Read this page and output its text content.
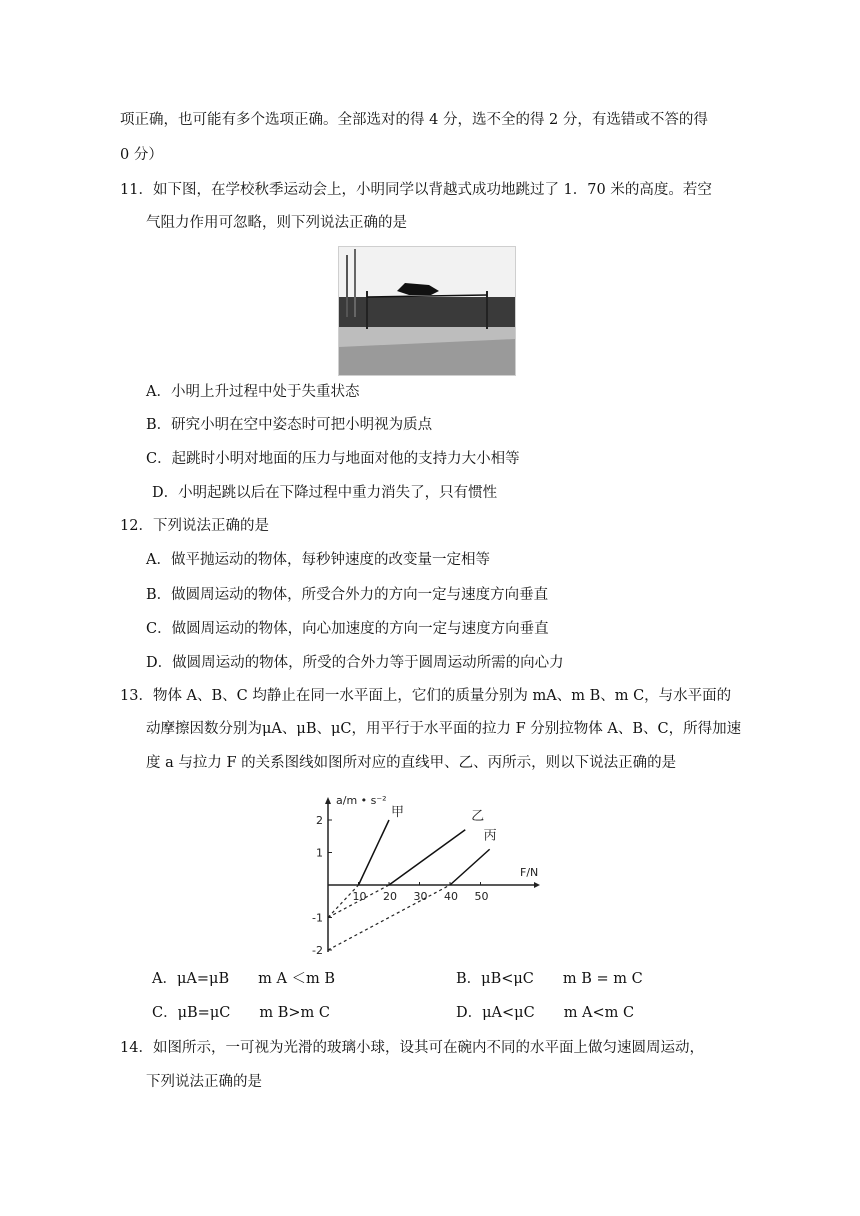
项正确，也可能有多个选项正确。全部选对的得 4 分，选不全的得 2 分，有选错或不答的得
0 分）
11．如下图，在学校秋季运动会上，小明同学以背越式成功地跳过了 1．70 米的高度。若空
气阻力作用可忽略，则下列说法正确的是
A．小明上升过程中处于失重状态
B．研究小明在空中姿态时可把小明视为质点
C．起跳时小明对地面的压力与地面对他的支持力大小相等
D．小明起跳以后在下降过程中重力消失了，只有惯性
12．下列说法正确的是
A．做平抛运动的物体，每秒钟速度的改变量一定相等
B．做圆周运动的物体，所受合外力的方向一定与速度方向垂直
C．做圆周运动的物体，向心加速度的方向一定与速度方向垂直
D．做圆周运动的物体，所受的合外力等于圆周运动所需的向心力
13．物体 A、B、C 均静止在同一水平面上，它们的质量分别为 mA、m B、m C，与水平面的
动摩擦因数分别为μA、μB、μC，用平行于水平面的拉力 F 分别拉物体 A、B、C，所得加速
度 a 与拉力 F 的关系图线如图所对应的直线甲、乙、丙所示，则以下说法正确的是
a/m • s⁻²
F/N
10 20 30 40 50
2
1
-1
-2
甲	乙
丙
A．μA=μB　　m A ＜m B	B．μB<μC　　m B = m C
C．μB=μC　　m B>m C	D．μA<μC　　m A<m C
14．如图所示，一可视为光滑的玻璃小球，设其可在碗内不同的水平面上做匀速圆周运动，
下列说法正确的是
